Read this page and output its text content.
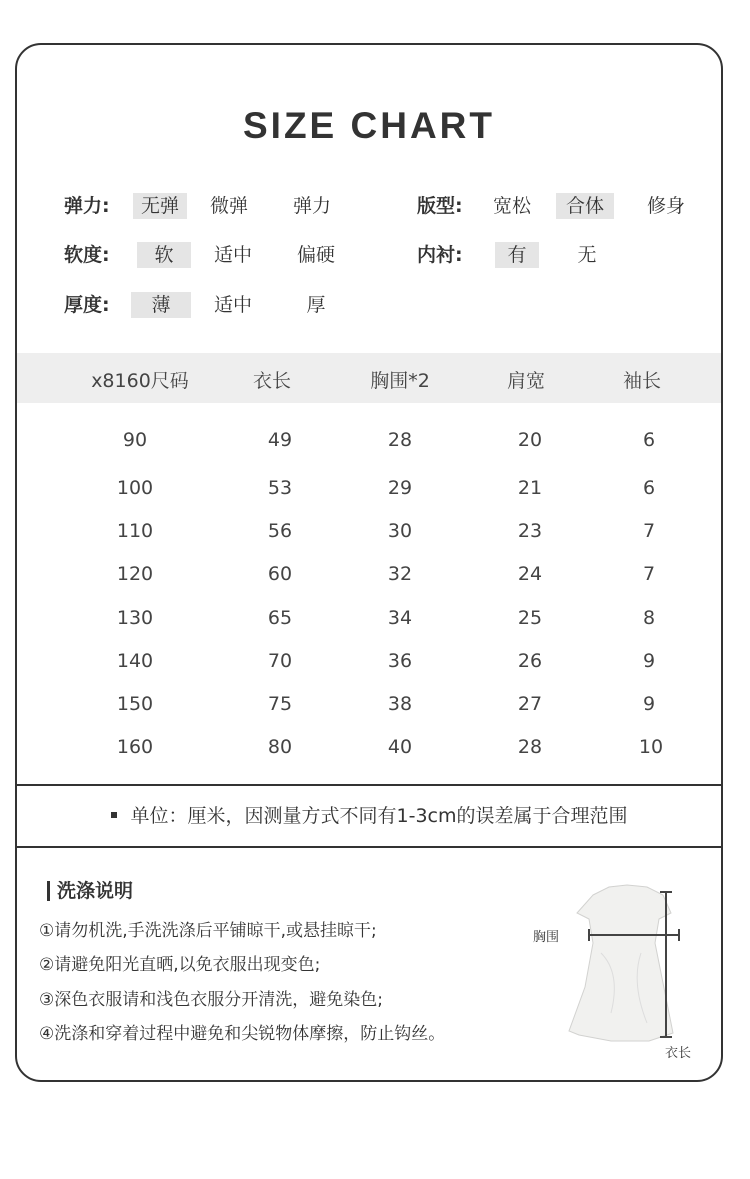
SIZE CHART
弹力:	无弹	微弹	弹力	版型:	宽松	合体	修身
软度:	软	适中	偏硬	内衬:	有	无
厚度:	薄	适中	厚
x8160尺码	衣长	胸围*2	肩宽	袖长
90	49	28	20	6
100	53	29	21	6
110	56	30	23	7
120	60	32	24	7
130	65	34	25	8
140	70	36	26	9
150	75	38	27	9
160	80	40	28	10
单位：厘米，因测量方式不同有1-3cm的误差属于合理范围
洗涤说明
①请勿机洗,手洗洗涤后平铺晾干,或悬挂晾干;
②请避免阳光直晒,以免衣服出现变色;
③深色衣服请和浅色衣服分开清洗，避免染色;
④洗涤和穿着过程中避免和尖锐物体摩擦，防止钩丝。
胸围
衣长
